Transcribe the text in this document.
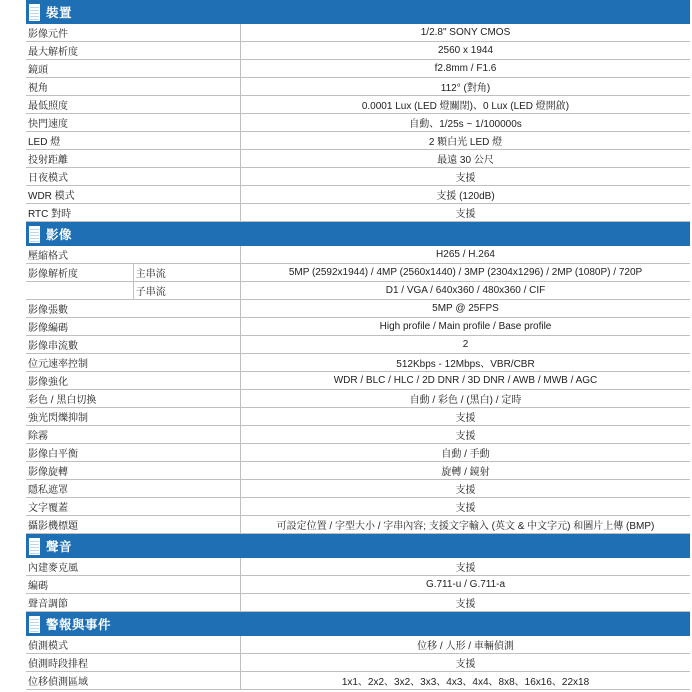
裝置
影像元件	1/2.8" SONY CMOS
最大解析度	2560 x 1944
鏡頭	f2.8mm / F1.6
視角	112° (對角)
最低照度	0.0001 Lux (LED 燈關閉)、0 Lux (LED 燈開啟)
快門速度	自動、1/25s ~ 1/100000s
LED 燈	2 顆白光 LED 燈
投射距離	最遠 30 公尺
日夜模式	支援
WDR 模式	支援 (120dB)
RTC 對時	支援
影像
壓縮格式		H265 / H.264
影像解析度	主串流	5MP (2592x1944) / 4MP (2560x1440) / 3MP (2304x1296) / 2MP (1080P) / 720P
	子串流	D1 / VGA / 640x360 / 480x360 / CIF
影像張數		5MP @ 25FPS
影像編碼		High profile / Main profile / Base profile
影像串流數		2
位元速率控制		512Kbps - 12Mbps、VBR/CBR
影像強化		WDR / BLC / HLC / 2D DNR / 3D DNR / AWB / MWB / AGC
彩色 / 黑白切換		自動 / 彩色 / (黑白) / 定時
強光閃爍抑制		支援
除霧		支援
影像白平衡		自動 / 手動
影像旋轉		旋轉 / 鏡射
隱私遮罩		支援
文字覆蓋		支援
攝影機標題		可設定位置 / 字型大小 / 字串內容; 支援文字輸入 (英文 & 中文字元) 和圖片上傳 (BMP)
聲音
內建麥克風	支援
編碼	G.711-u / G.711-a
聲音調節	支援
警報與事件
偵測模式	位移 / 人形 / 車輛偵測
偵測時段排程	支援
位移偵測區域	1x1、2x2、3x2、3x3、4x3、4x4、8x8、16x16、22x18
